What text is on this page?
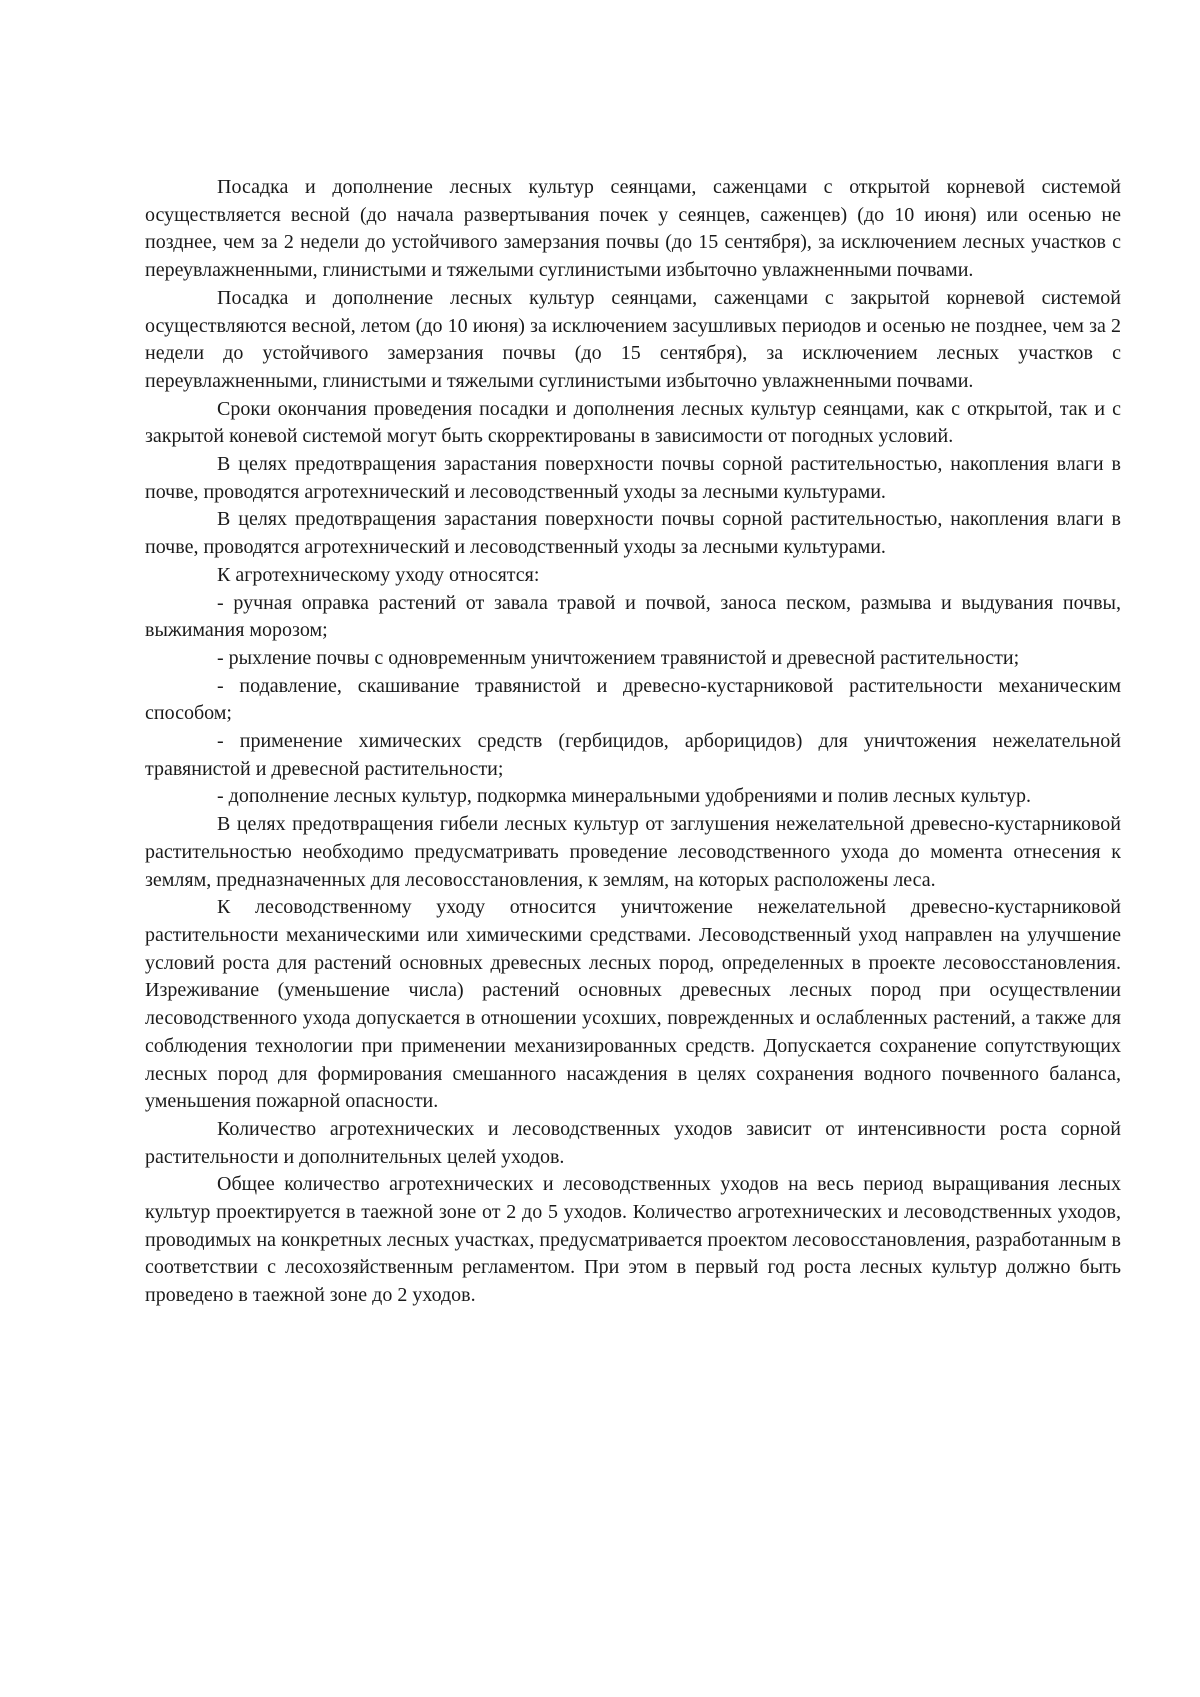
Посадка и дополнение лесных культур сеянцами, саженцами с открытой корневой системой осуществляется весной (до начала развертывания почек у сеянцев, саженцев) (до 10 июня) или осенью не позднее, чем за 2 недели до устойчивого замерзания почвы (до 15 сентября), за исключением лесных участков с переувлажненными, глинистыми и тяжелыми суглинистыми избыточно увлажненными почвами.

Посадка и дополнение лесных культур сеянцами, саженцами с закрытой корневой системой осуществляются весной, летом (до 10 июня) за исключением засушливых периодов и осенью не позднее, чем за 2 недели до устойчивого замерзания почвы (до 15 сентября), за исключением лесных участков с переувлажненными, глинистыми и тяжелыми суглинистыми избыточно увлажненными почвами.

Сроки окончания проведения посадки и дополнения лесных культур сеянцами, как с открытой, так и с закрытой коневой системой могут быть скорректированы в зависимости от погодных условий.

В целях предотвращения зарастания поверхности почвы сорной растительностью, накопления влаги в почве, проводятся агротехнический и лесоводственный уходы за лесными культурами.

В целях предотвращения зарастания поверхности почвы сорной растительностью, накопления влаги в почве, проводятся агротехнический и лесоводственный уходы за лесными культурами.

К агротехническому уходу относятся:

- ручная оправка растений от завала травой и почвой, заноса песком, размыва и выдувания почвы, выжимания морозом;

- рыхление почвы с одновременным уничтожением травянистой и древесной растительности;

- подавление, скашивание травянистой и древесно-кустарниковой растительности механическим способом;

- применение химических средств (гербицидов, арборицидов) для уничтожения нежелательной травянистой и древесной растительности;

- дополнение лесных культур, подкормка минеральными удобрениями и полив лесных культур.

В целях предотвращения гибели лесных культур от заглушения нежелательной древесно-кустарниковой растительностью необходимо предусматривать проведение лесоводственного ухода до момента отнесения к землям, предназначенных для лесовосстановления, к землям, на которых расположены леса.

К лесоводственному уходу относится уничтожение нежелательной древесно-кустарниковой растительности механическими или химическими средствами. Лесоводственный уход направлен на улучшение условий роста для растений основных древесных лесных пород, определенных в проекте лесовосстановления. Изреживание (уменьшение числа) растений основных древесных лесных пород при осуществлении лесоводственного ухода допускается в отношении усохших, поврежденных и ослабленных растений, а также для соблюдения технологии при применении механизированных средств. Допускается сохранение сопутствующих лесных пород для формирования смешанного насаждения в целях сохранения водного почвенного баланса, уменьшения пожарной опасности.

Количество агротехнических и лесоводственных уходов зависит от интенсивности роста сорной растительности и дополнительных целей уходов.

Общее количество агротехнических и лесоводственных уходов на весь период выращивания лесных культур проектируется в таежной зоне от 2 до 5 уходов. Количество агротехнических и лесоводственных уходов, проводимых на конкретных лесных участках, предусматривается проектом лесовосстановления, разработанным в соответствии с лесохозяйственным регламентом. При этом в первый год роста лесных культур должно быть проведено в таежной зоне до 2 уходов.
